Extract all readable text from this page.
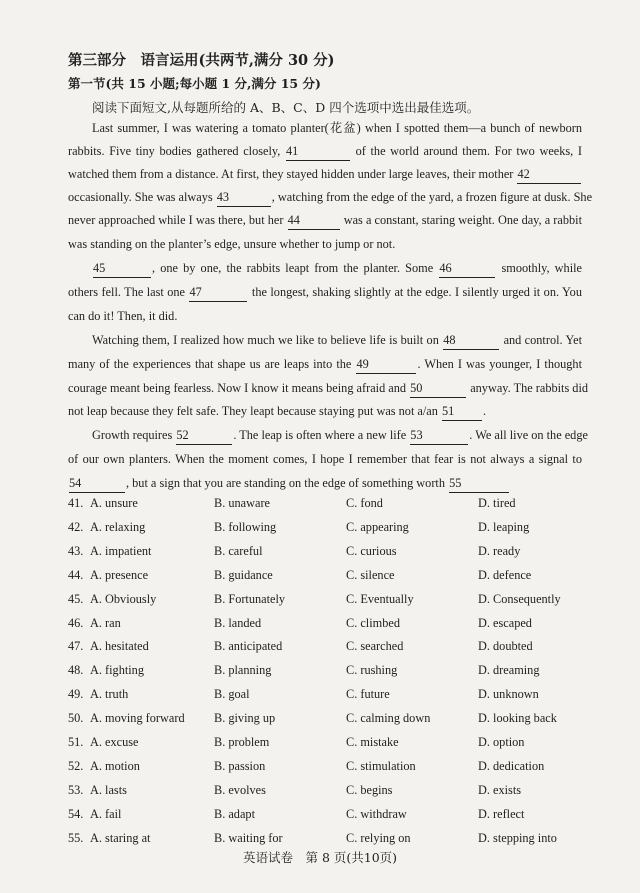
第三部分　语言运用(共两节,满分 30 分)
第一节(共 15 小题;每小题 1 分,满分 15 分)
阅读下面短文,从每题所给的 A、B、C、D 四个选项中选出最佳选项。
Last summer, I was watering a tomato planter(花盆) when I spotted them—a bunch of newborn
rabbits. Five tiny bodies gathered closely, 41	of the world around them. For two weeks, I
watched them from a distance. At first, they stayed hidden under large leaves, their mother 42
occasionally. She was always 43	, watching from the edge of the yard, a frozen figure at dusk. She
never approached while I was there, but her 44	was a constant, staring weight. One day, a rabbit
was standing on the planter’s edge, unsure whether to jump or not.
45	, one by one, the rabbits leapt from the planter. Some 46	smoothly, while
others fell. The last one 47	the longest, shaking slightly at the edge. I silently urged it on. You
can do it! Then, it did.
Watching them, I realized how much we like to believe life is built on 48	and control. Yet
many of the experiences that shape us are leaps into the 49	. When I was younger, I thought
courage meant being fearless. Now I know it means being afraid and 50	anyway. The rabbits did
not leap because they felt safe. They leapt because staying put was not a/an 51 .
Growth requires 52	. The leap is often where a new life 53	. We all live on the edge
of our own planters. When the moment comes, I hope I remember that fear is not always a signal to
54	, but a sign that you are standing on the edge of something worth 55
41. A. unsure	B. unaware	C. fond	D. tired
42. A. relaxing	B. following	C. appearing	D. leaping
43. A. impatient	B. careful	C. curious	D. ready
44. A. presence	B. guidance	C. silence	D. defence
45. A. Obviously	B. Fortunately	C. Eventually	D. Consequently
46. A. ran	B. landed	C. climbed	D. escaped
47. A. hesitated	B. anticipated	C. searched	D. doubted
48. A. fighting	B. planning	C. rushing	D. dreaming
49. A. truth	B. goal	C. future	D. unknown
50. A. moving forward B. giving up	C. calming down	D. looking back
51. A. excuse	B. problem	C. mistake	D. option
52. A. motion	B. passion	C. stimulation	D. dedication
53. A. lasts	B. evolves	C. begins	D. exists
54. A. fail	B. adapt	C. withdraw	D. reflect
55. A. staring at	B. waiting for	C. relying on	D. stepping into
英语试卷　第 8 页(共10页)
